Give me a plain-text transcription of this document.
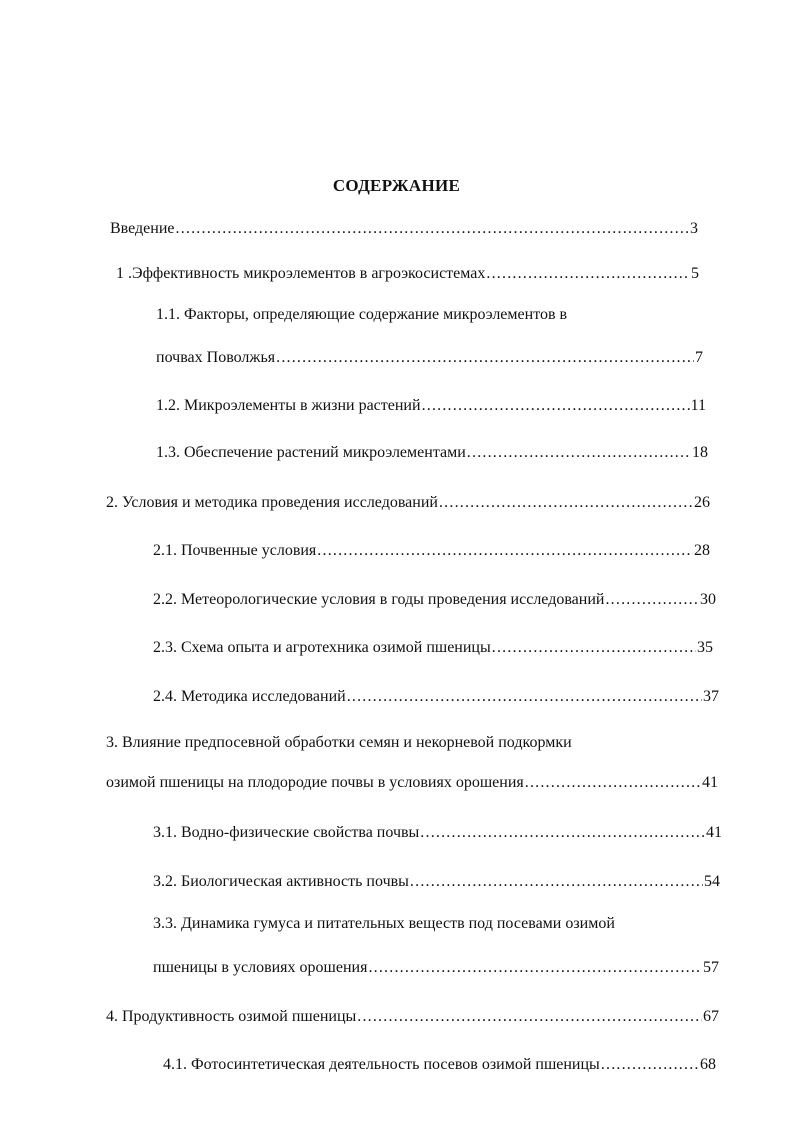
СОДЕРЖАНИЕ
Введение .....	3
1 .Эффективность микроэлементов в агроэкосистемах .....	5
1.1. Факторы, определяющие содержание микроэлементов в
почвах Поволжья .....	7
1.2. Микроэлементы в жизни растений .....	11
1.3. Обеспечение растений микроэлементами .....	18
2. Условия и методика проведения исследований .....	26
2.1. Почвенные условия .....	28
2.2. Метеорологические условия в годы проведения исследований .....	30
2.3. Схема опыта и агротехника озимой пшеницы .....	35
2.4. Методика исследований .....	37
3. Влияние предпосевной обработки семян и некорневой подкормки
озимой пшеницы на плодородие почвы в условиях орошения .....	41
3.1. Водно-физические свойства почвы .....	41
3.2. Биологическая активность почвы .....	54
3.3. Динамика гумуса и питательных веществ под посевами озимой
пшеницы в условиях орошения .....	57
4. Продуктивность озимой пшеницы .....	67
4.1. Фотосинтетическая деятельность посевов озимой пшеницы .....	68
